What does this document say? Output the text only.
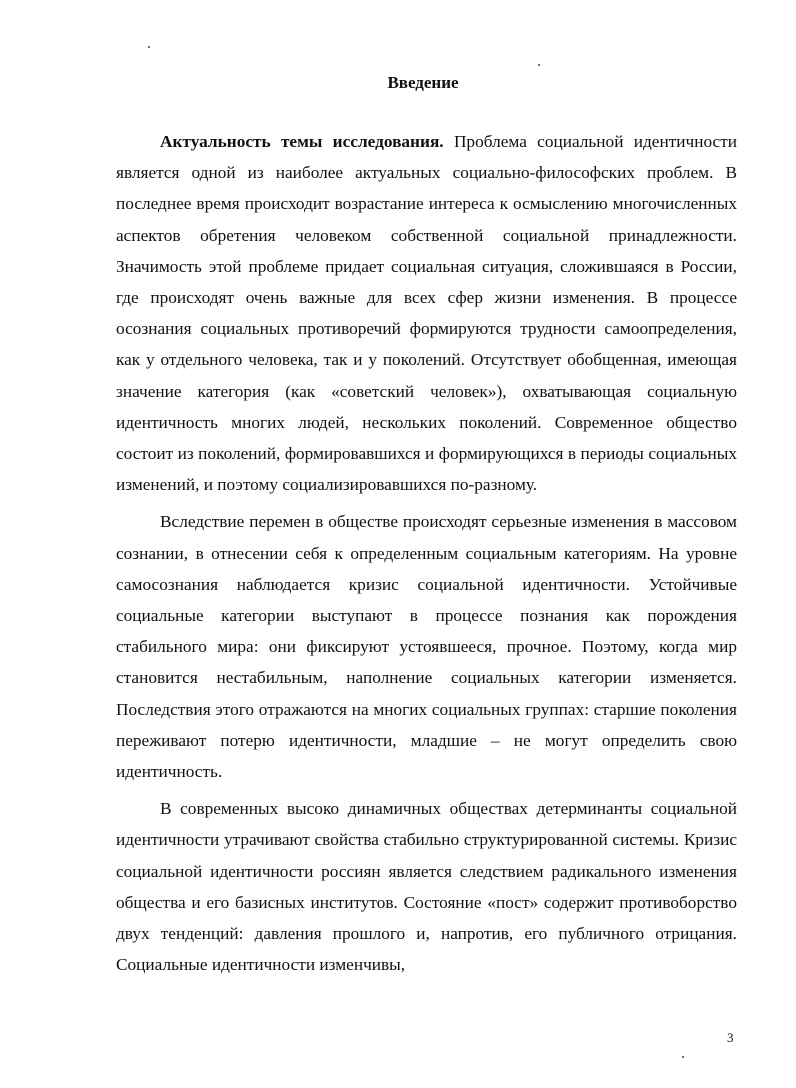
Введение

Актуальность темы исследования. Проблема социальной идентичности является одной из наиболее актуальных социально-философских проблем. В последнее время происходит возрастание интереса к осмыслению многочисленных аспектов обретения человеком собственной социальной принадлежности. Значимость этой проблеме придает социальная ситуация, сложившаяся в России, где происходят очень важные для всех сфер жизни изменения. В процессе осознания социальных противоречий формируются трудности самоопределения, как у отдельного человека, так и у поколений. Отсутствует обобщенная, имеющая значение категория (как «советский человек»), охватывающая социальную идентичность многих людей, нескольких поколений. Современное общество состоит из поколений, формировавшихся и формирующихся в периоды социальных изменений, и поэтому социализировавшихся по-разному.

Вследствие перемен в обществе происходят серьезные изменения в массовом сознании, в отнесении себя к определенным социальным категориям. На уровне самосознания наблюдается кризис социальной идентичности. Устойчивые социальные категории выступают в процессе познания как порождения стабильного мира: они фиксируют устоявшееся, прочное. Поэтому, когда мир становится нестабильным, наполнение социальных категории изменяется. Последствия этого отражаются на многих социальных группах: старшие поколения переживают потерю идентичности, младшие – не могут определить свою идентичность.

В современных высоко динамичных обществах детерминанты социальной идентичности утрачивают свойства стабильно структурированной системы. Кризис социальной идентичности россиян является следствием радикального изменения общества и его базисных институтов. Состояние «пост» содержит противоборство двух тенденций: давления прошлого и, напротив, его публичного отрицания. Социальные идентичности изменчивы,

3
